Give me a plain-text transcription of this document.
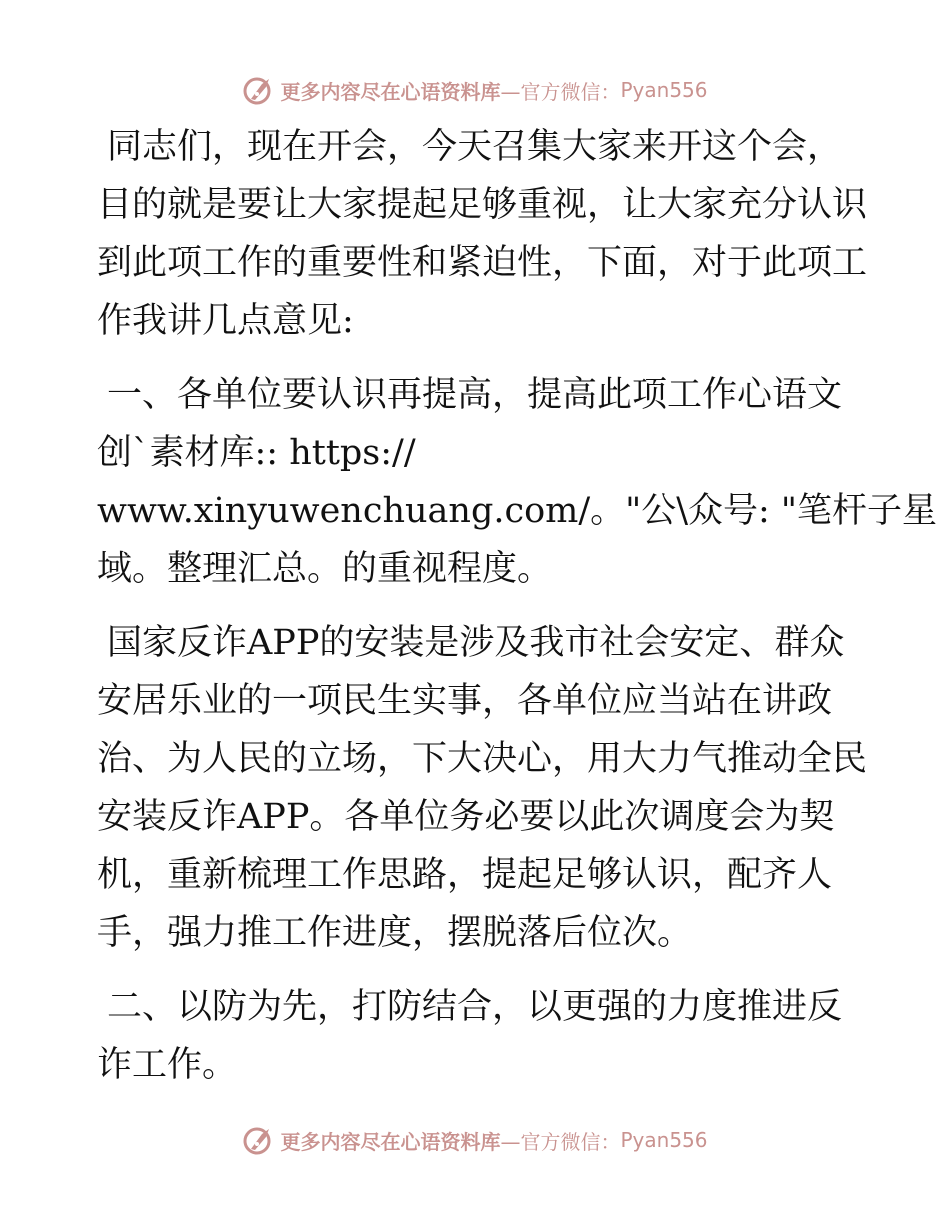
更多内容尽在心语资料库 —官方微信： Pyan556
同志们，现在开会，今天召集大家来开这个会，
目的就是要让大家提起足够重视，让大家充分认识
到此项工作的重要性和紧迫性，下面，对于此项工
作我讲几点意见:
一、各单位要认识再提高，提高此项工作心语文
创`素材库:: https://
www.xinyuwenchuang.com/。"公\众号: "笔杆子星
域。整理汇总。的重视程度。
国家反诈APP的安装是涉及我市社会安定、群众
安居乐业的一项民生实事，各单位应当站在讲政
治、为人民的立场，下大决心，用大力气推动全民
安装反诈APP。各单位务必要以此次调度会为契
机，重新梳理工作思路，提起足够认识，配齐人
手，强力推工作进度，摆脱落后位次。
二、以防为先，打防结合，以更强的力度推进反
诈工作。
更多内容尽在心语资料库 —官方微信： Pyan556
